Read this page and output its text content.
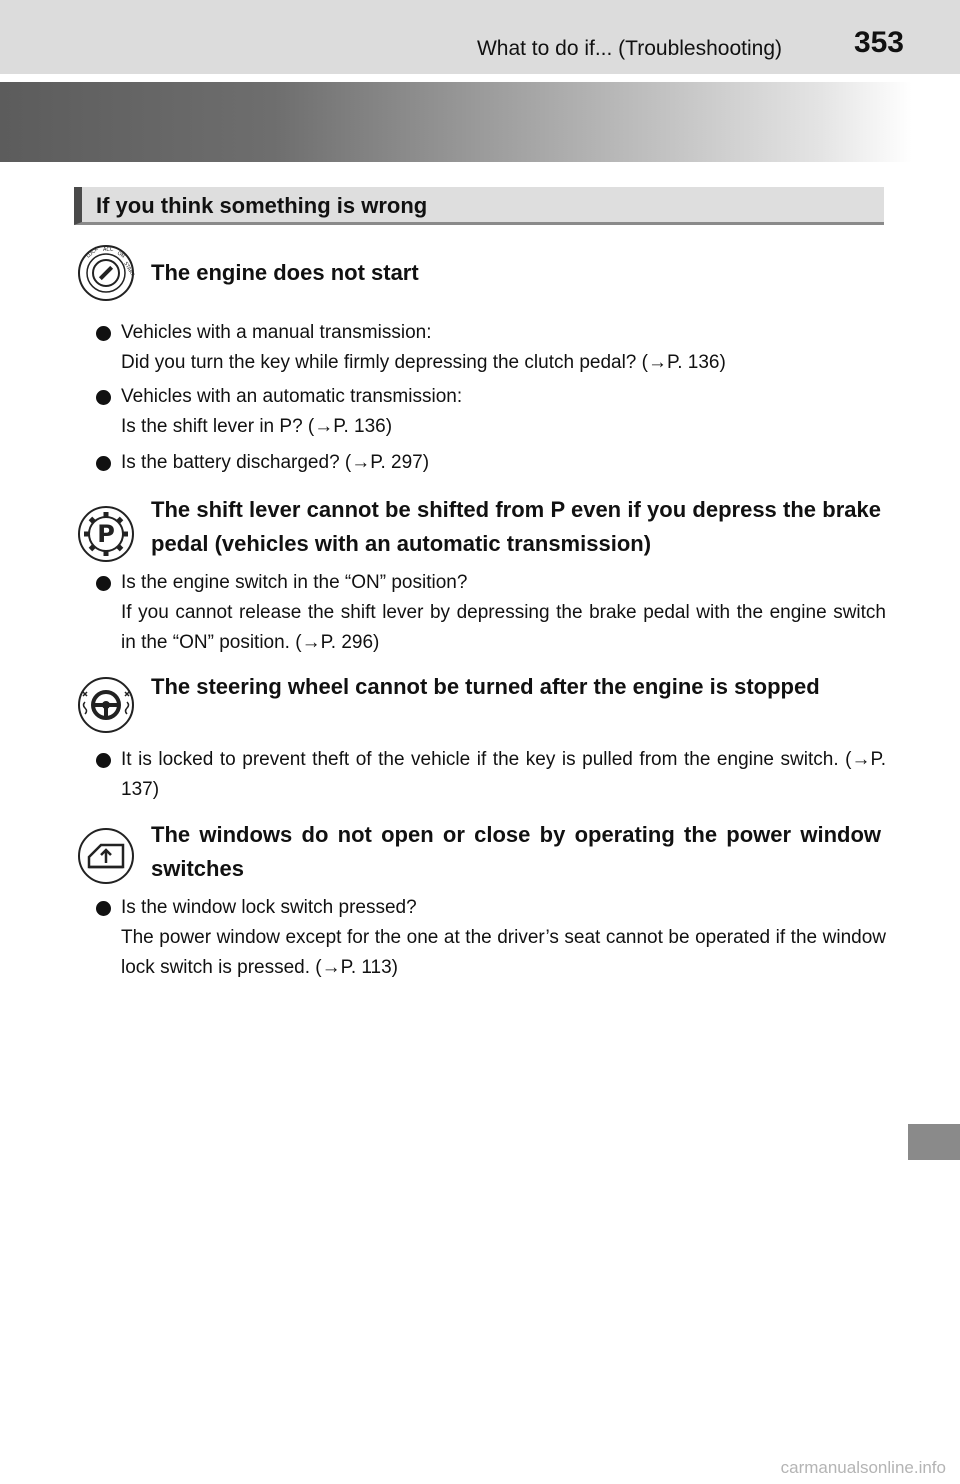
What to do if... (Troubleshooting) 353
If you think something is wrong
LOCK ACC
ON
START The engine does not start
Vehicles with a manual transmission:
Did you turn the key while firmly depressing the clutch pedal? (→P. 136)
Vehicles with an automatic transmission:
Is the shift lever in P? (→P. 136)
Is the battery discharged? (→P. 297)
P
The shift lever cannot be shifted from P even if you depress the brake pedal (vehicles with an automatic transmission)
Is the engine switch in the “ON” position?
If you cannot release the shift lever by depressing the brake pedal with the engine switch in the “ON” position. (→P. 296)
The steering wheel cannot be turned after the engine is stopped
It is locked to prevent theft of the vehicle if the key is pulled from the engine switch. (→P. 137)
The windows do not open or close by operating the power window switches
Is the window lock switch pressed?
The power window except for the one at the driver’s seat cannot be operated if the window lock switch is pressed. (→P. 113)
carmanualsonline.info
